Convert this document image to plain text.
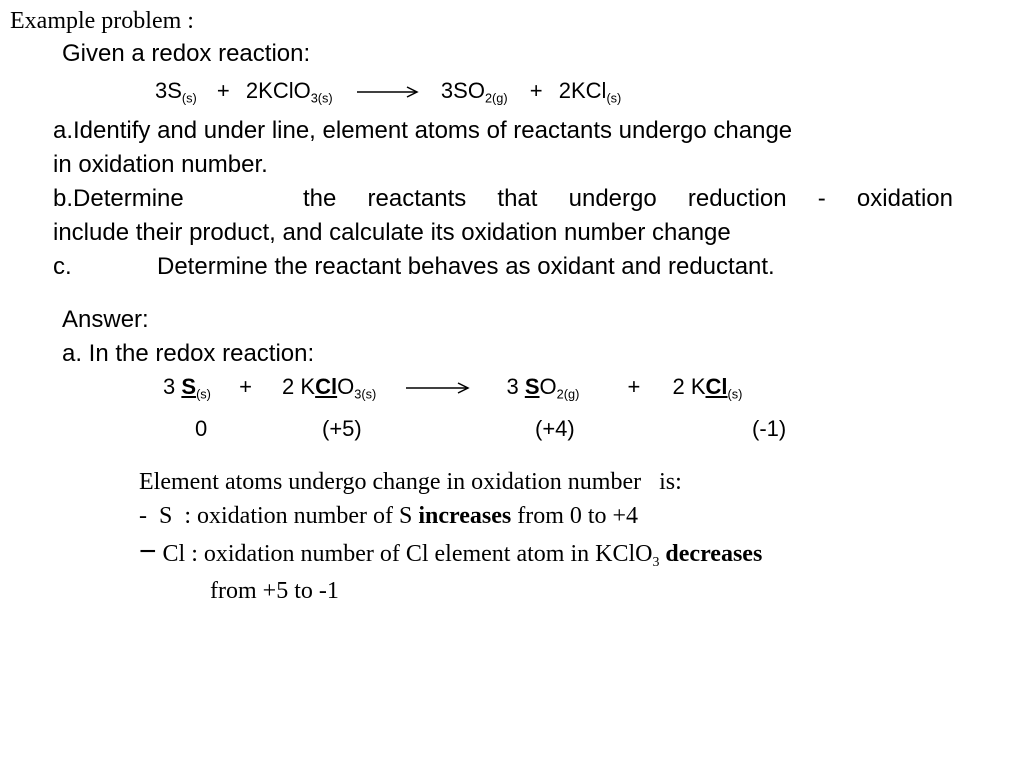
Example problem :
Given a redox reaction:
$3S_{(s)}$ + 2KClO$_{3(s)}$ → $3SO_{2(g)} + 2KCl_{(s)}$
a.Identify and under line, element atoms of reactants undergo change
in oxidation number.
b.Determine	the reactants that undergo reduction - oxidation
include their product, and calculate its oxidation number change
c.	Determine the reactant behaves as oxidant and reductant.
Answer:
a. In the redox reaction:
3 $S_{(s)} + 2$ KClO$_{3(s)}$	3 $SO_{2(g)} + 2$ KCl$_{(s)}$
0	(+5)	(+4)	(-1)
Element atoms undergo change in oxidation number   is:
- S  : oxidation number of S increases from 0 to +4
− Cl : oxidation number of Cl element atom in KClO$_3$ decreases
from +5 to -1
